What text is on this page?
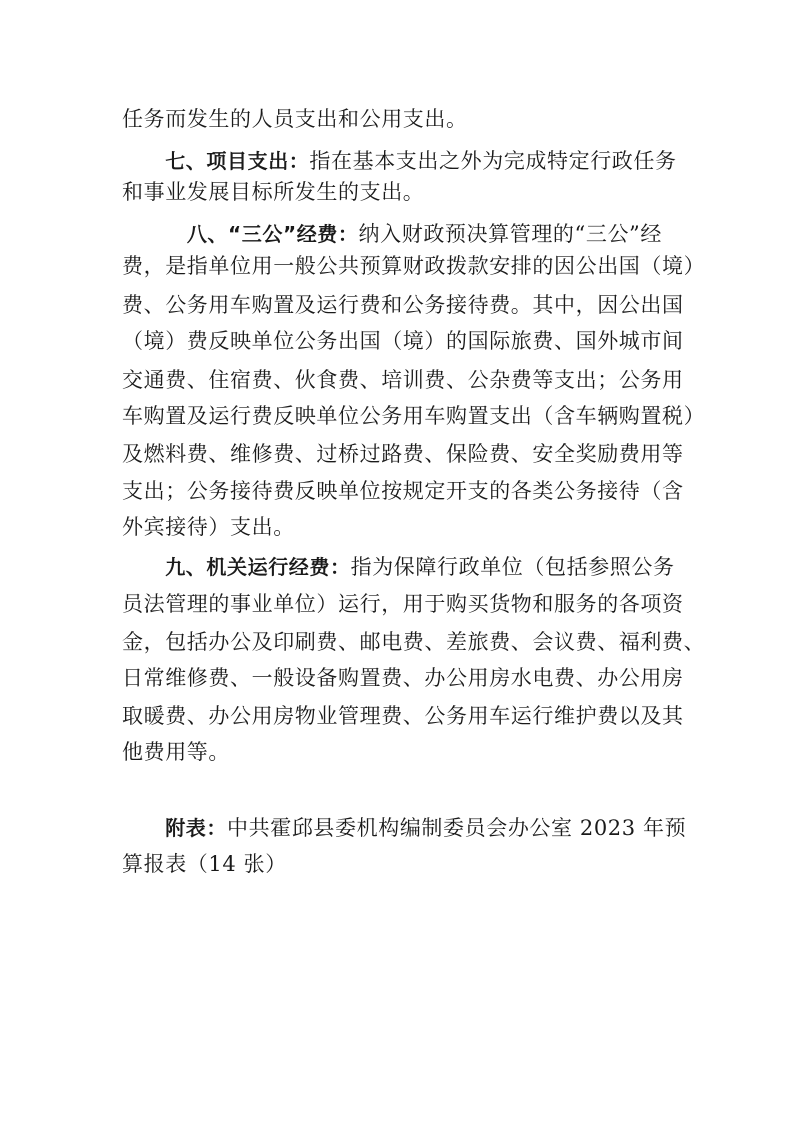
任务而发生的人员支出和公用支出。
　　七、项目支出：指在基本支出之外为完成特定行政任务
和事业发展目标所发生的支出。
　　　八、“三公”经费：纳入财政预决算管理的“三公”经
费，是指单位用一般公共预算财政拨款安排的因公出国（境）
费、公务用车购置及运行费和公务接待费。其中，因公出国
（境）费反映单位公务出国（境）的国际旅费、国外城市间
交通费、住宿费、伙食费、培训费、公杂费等支出；公务用
车购置及运行费反映单位公务用车购置支出（含车辆购置税）
及燃料费、维修费、过桥过路费、保险费、安全奖励费用等
支出；公务接待费反映单位按规定开支的各类公务接待（含
外宾接待）支出。
　　九、机关运行经费：指为保障行政单位（包括参照公务
员法管理的事业单位）运行，用于购买货物和服务的各项资
金，包括办公及印刷费、邮电费、差旅费、会议费、福利费、
日常维修费、一般设备购置费、办公用房水电费、办公用房
取暖费、办公用房物业管理费、公务用车运行维护费以及其
他费用等。
　　附表：中共霍邱县委机构编制委员会办公室 2023 年预
算报表（14 张）
